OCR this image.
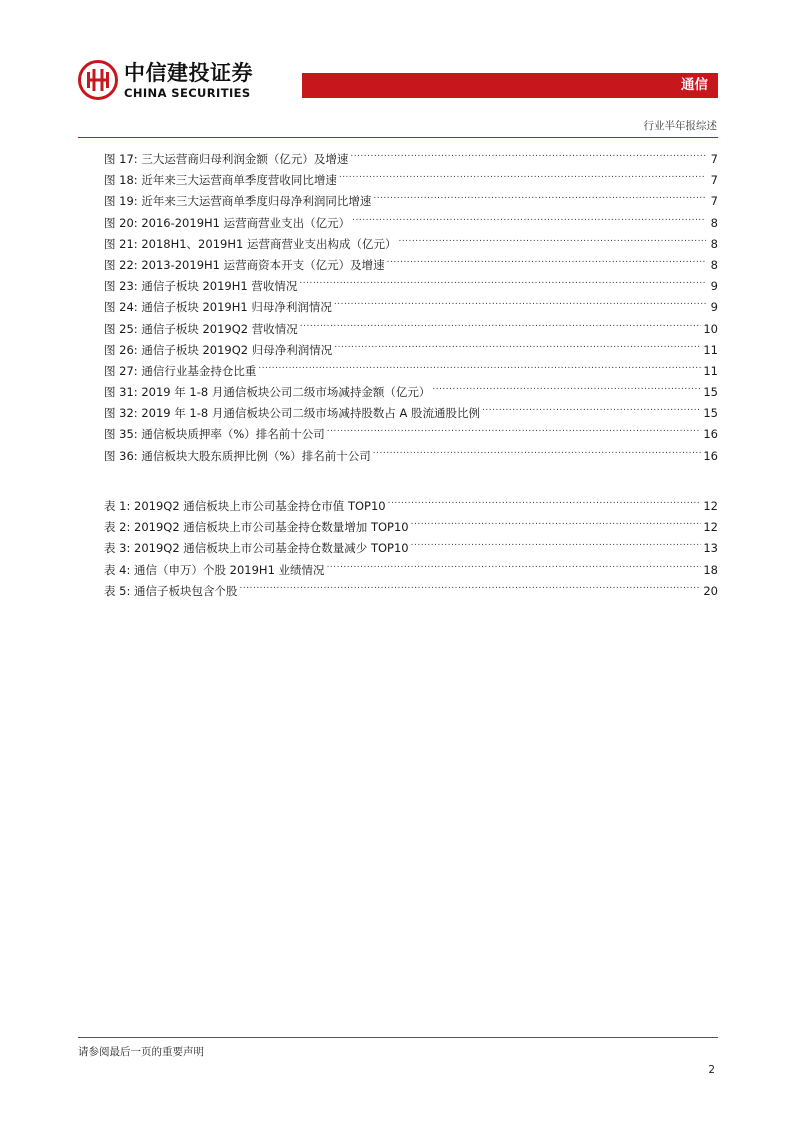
中信建投证券
CHINA SECURITIES	通信
行业半年报综述
图 17:
三大运营商归母利润金额（亿元）及增速 .....	7
图 18:
近年来三大运营商单季度营收同比增速 .....	7
图 19:
近年来三大运营商单季度归母净利润同比增速 .....	7
图 20:
2016-2019H1 运营商营业支出（亿元） .....	8
图 21:
2018H1、2019H1 运营商营业支出构成（亿元） .....	8
图 22:
2013-2019H1 运营商资本开支（亿元）及增速 .....	8
图 23:
通信子板块 2019H1 营收情况 .....	9
图 24:
通信子板块 2019H1 归母净利润情况 .....	9
图 25:
通信子板块 2019Q2 营收情况 .....	10
图 26:
通信子板块 2019Q2 归母净利润情况 .....	11
图 27:
通信行业基金持仓比重 .....	11
图 31:
2019 年 1-8 月通信板块公司二级市场减持金额（亿元） .....	15
图 32:
2019 年 1-8 月通信板块公司二级市场减持股数占 A 股流通股比例 .....	15
图 35:
通信板块质押率（%）排名前十公司 .....	16
图 36:
通信板块大股东质押比例（%）排名前十公司 .....	16
表 1:
2019Q2 通信板块上市公司基金持仓市值 TOP10 .....	12
表 2:
2019Q2 通信板块上市公司基金持仓数量增加 TOP10 .....	12
表 3:
2019Q2 通信板块上市公司基金持仓数量减少 TOP10 .....	13
表 4:
通信（申万）个股 2019H1 业绩情况 .....	18
表 5:
通信子板块包含个股 .....	20
请参阅最后一页的重要声明
2
